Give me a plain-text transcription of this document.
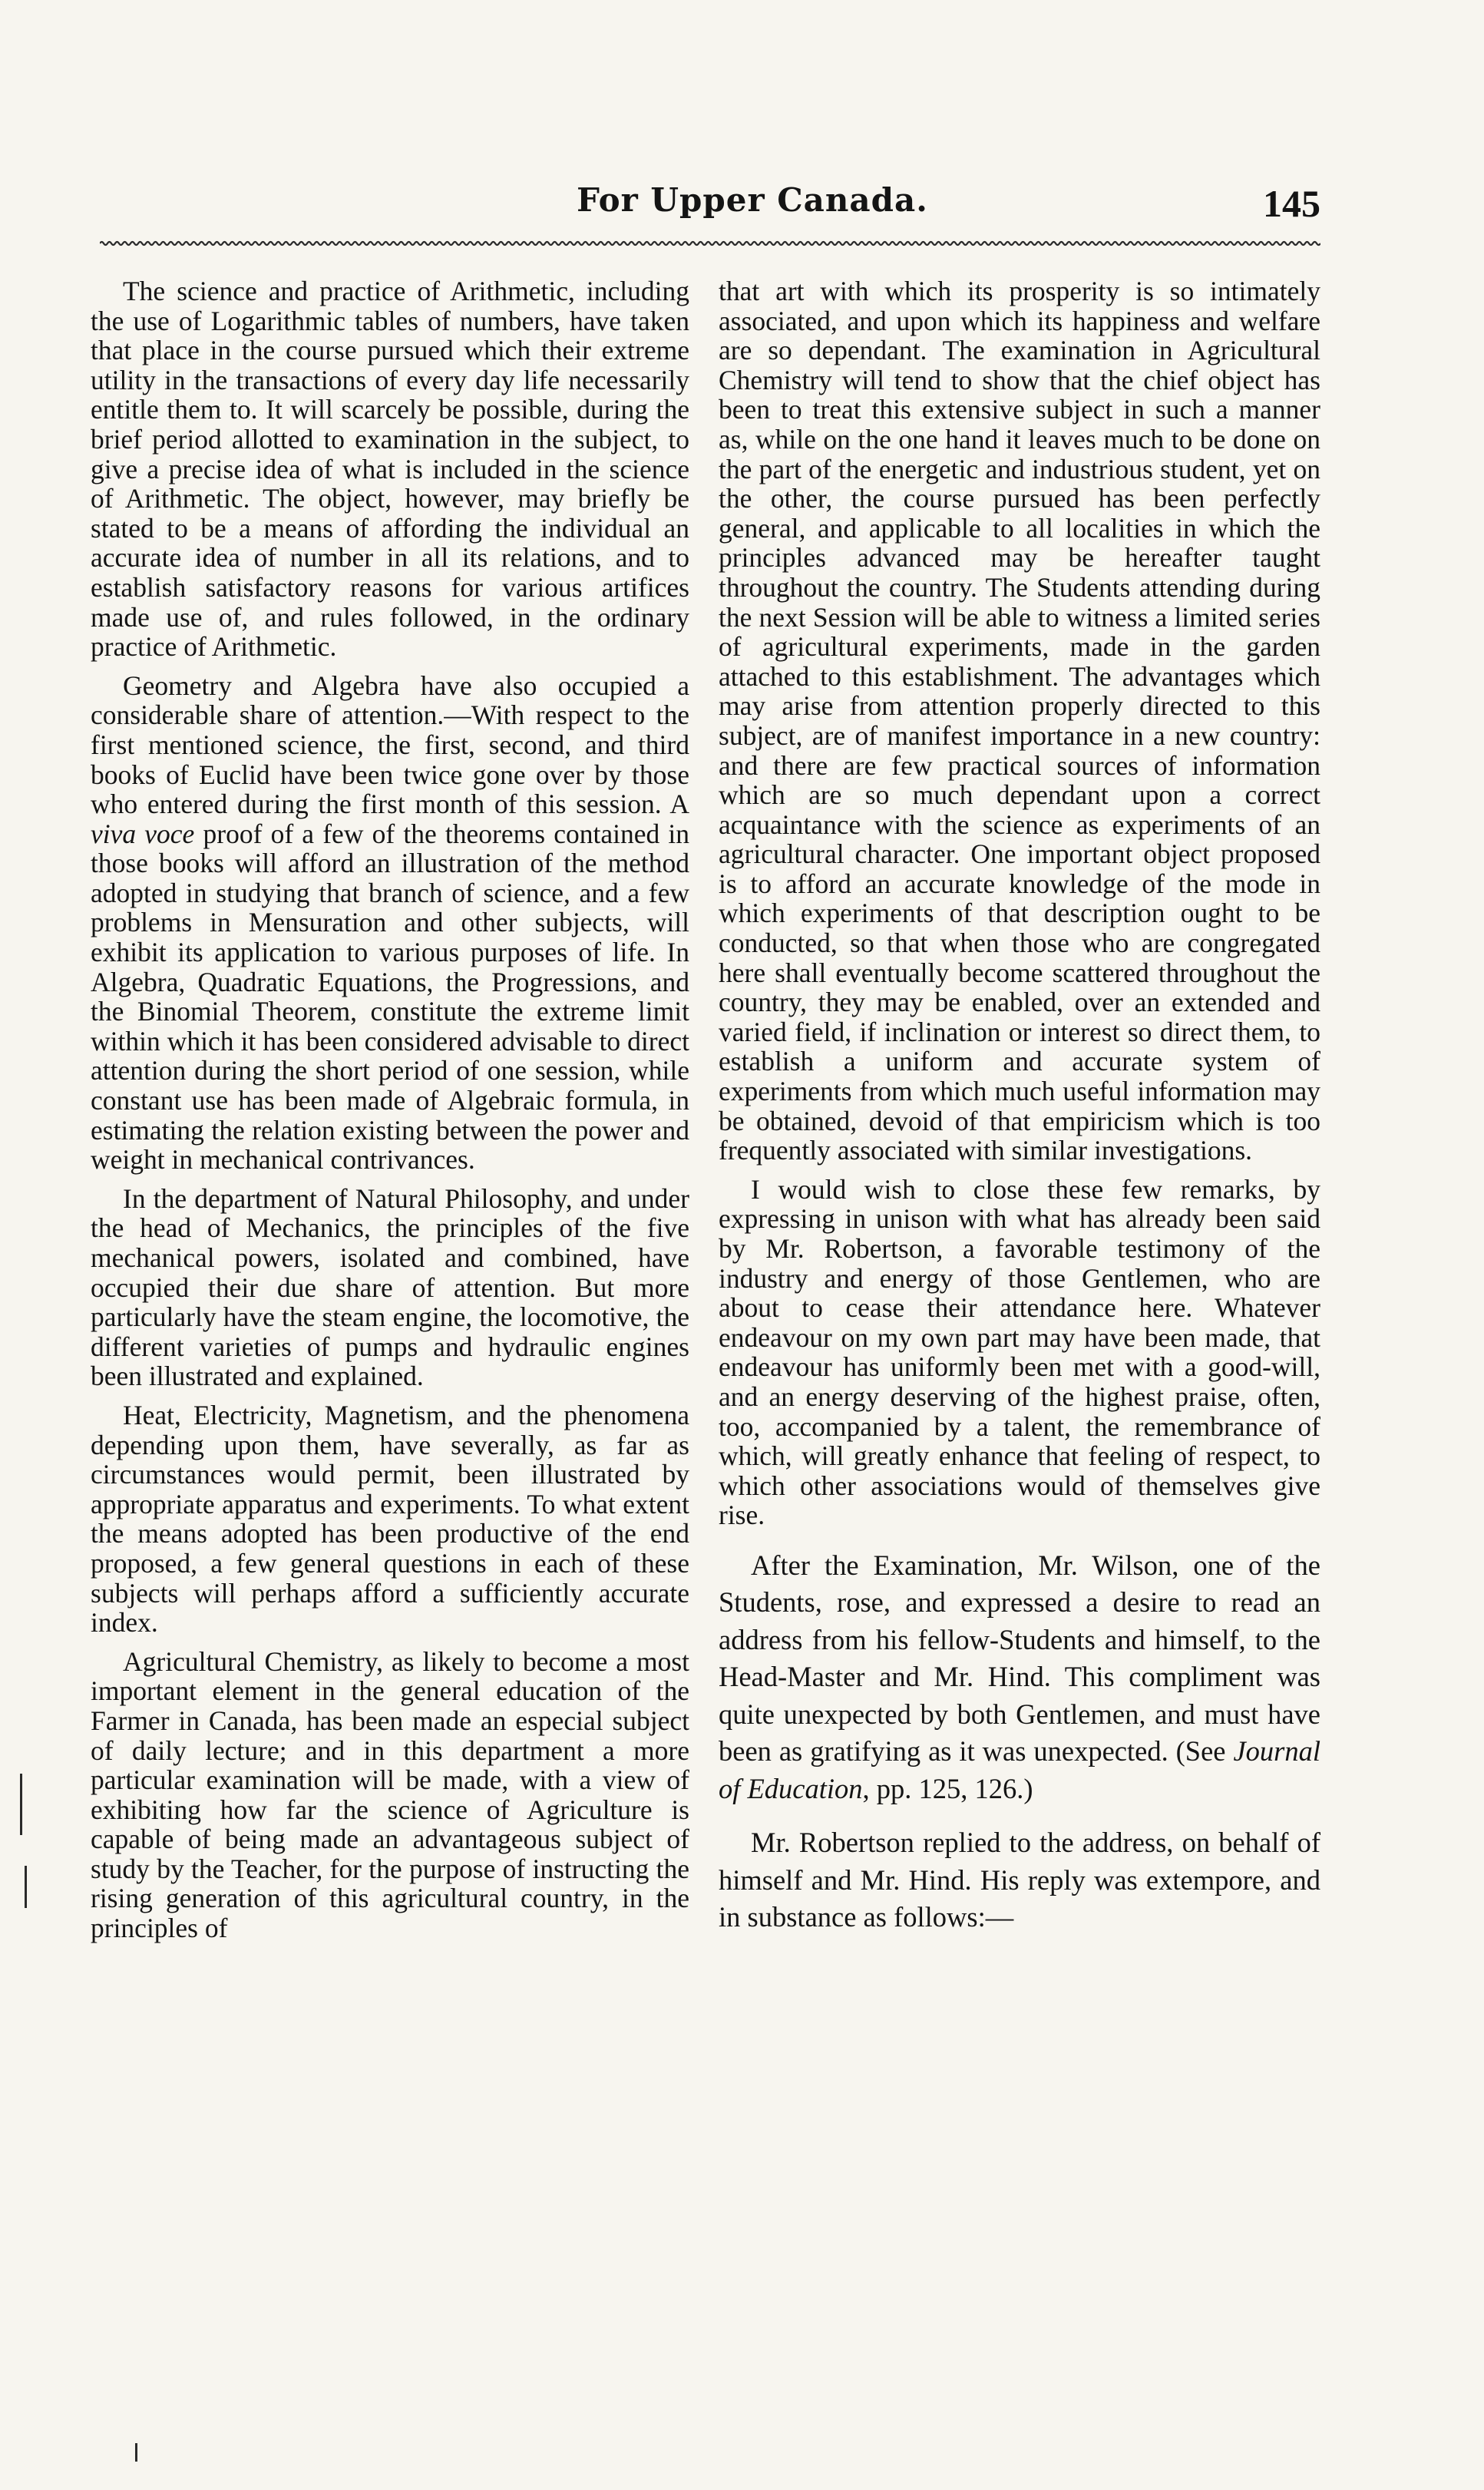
For Upper Canada.	145

The science and practice of Arithmetic, including the use of Logarithmic tables of numbers, have taken that place in the course pursued which their extreme utility in the transactions of every day life necessarily entitle them to. It will scarcely be possible, during the brief period allotted to examination in the subject, to give a precise idea of what is included in the science of Arithmetic. The object, however, may briefly be stated to be a means of affording the individual an accurate idea of number in all its relations, and to establish satisfactory reasons for various artifices made use of, and rules followed, in the ordinary practice of Arithmetic.

Geometry and Algebra have also occupied a considerable share of attention.—With respect to the first mentioned science, the first, second, and third books of Euclid have been twice gone over by those who entered during the first month of this session. A viva voce proof of a few of the theorems contained in those books will afford an illustration of the method adopted in studying that branch of science, and a few problems in Mensuration and other subjects, will exhibit its application to various purposes of life. In Algebra, Quadratic Equations, the Progressions, and the Binomial Theorem, constitute the extreme limit within which it has been considered advisable to direct attention during the short period of one session, while constant use has been made of Algebraic formula, in estimating the relation existing between the power and weight in mechanical contrivances.

In the department of Natural Philosophy, and under the head of Mechanics, the principles of the five mechanical powers, isolated and combined, have occupied their due share of attention. But more particularly have the steam engine, the locomotive, the different varieties of pumps and hydraulic engines been illustrated and explained.

Heat, Electricity, Magnetism, and the phenomena depending upon them, have severally, as far as circumstances would permit, been illustrated by appropriate apparatus and experiments. To what extent the means adopted has been productive of the end proposed, a few general questions in each of these subjects will perhaps afford a sufficiently accurate index.

Agricultural Chemistry, as likely to become a most important element in the general education of the Farmer in Canada, has been made an especial subject of daily lecture; and in this department a more particular examination will be made, with a view of exhibiting how far the science of Agriculture is capable of being made an advantageous subject of study by the Teacher, for the purpose of instructing the rising generation of this agricultural country, in the principles of

that art with which its prosperity is so intimately associated, and upon which its happiness and welfare are so dependant. The examination in Agricultural Chemistry will tend to show that the chief object has been to treat this extensive subject in such a manner as, while on the one hand it leaves much to be done on the part of the energetic and industrious student, yet on the other, the course pursued has been perfectly general, and applicable to all localities in which the principles advanced may be hereafter taught throughout the country. The Students attending during the next Session will be able to witness a limited series of agricultural experiments, made in the garden attached to this establishment. The advantages which may arise from attention properly directed to this subject, are of manifest importance in a new country: and there are few practical sources of information which are so much dependant upon a correct acquaintance with the science as experiments of an agricultural character. One important object proposed is to afford an accurate knowledge of the mode in which experiments of that description ought to be conducted, so that when those who are congregated here shall eventually become scattered throughout the country, they may be enabled, over an extended and varied field, if inclination or interest so direct them, to establish a uniform and accurate system of experiments from which much useful information may be obtained, devoid of that empiricism which is too frequently associated with similar investigations.

I would wish to close these few remarks, by expressing in unison with what has already been said by Mr. Robertson, a favorable testimony of the industry and energy of those Gentlemen, who are about to cease their attendance here. Whatever endeavour on my own part may have been made, that endeavour has uniformly been met with a good-will, and an energy deserving of the highest praise, often, too, accompanied by a talent, the remembrance of which, will greatly enhance that feeling of respect, to which other associations would of themselves give rise.

After the Examination, Mr. Wilson, one of the Students, rose, and expressed a desire to read an address from his fellow-Students and himself, to the Head-Master and Mr. Hind. This compliment was quite unexpected by both Gentlemen, and must have been as gratifying as it was unexpected. (See Journal of Education, pp. 125, 126.)

Mr. Robertson replied to the address, on behalf of himself and Mr. Hind. His reply was extempore, and in substance as follows:—
